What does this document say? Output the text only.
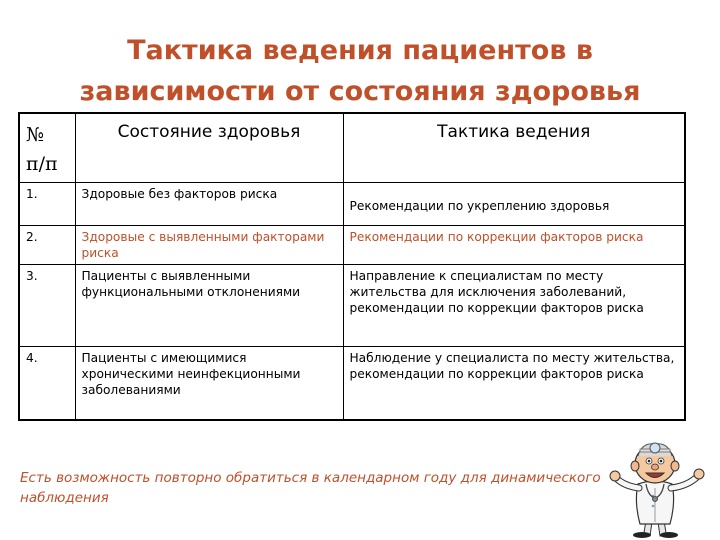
Тактика ведения пациентов в
зависимости от состояния здоровья
№ п/п	Состояние здоровья	Тактика ведения
1.	Здоровые без факторов риска	Рекомендации по укреплению здоровья
2.	Здоровые с выявленными факторами риска	Рекомендации по коррекции факторов риска
3.	Пациенты с выявленными функциональными отклонениями	Направление к специалистам по месту жительства для исключения заболеваний, рекомендации по коррекции факторов риска
4.	Пациенты с имеющимися хроническими неинфекционными заболеваниями	Наблюдение у специалиста по месту жительства, рекомендации по коррекции факторов риска

Есть возможность повторно обратиться в календарном году для динамического наблюдения
